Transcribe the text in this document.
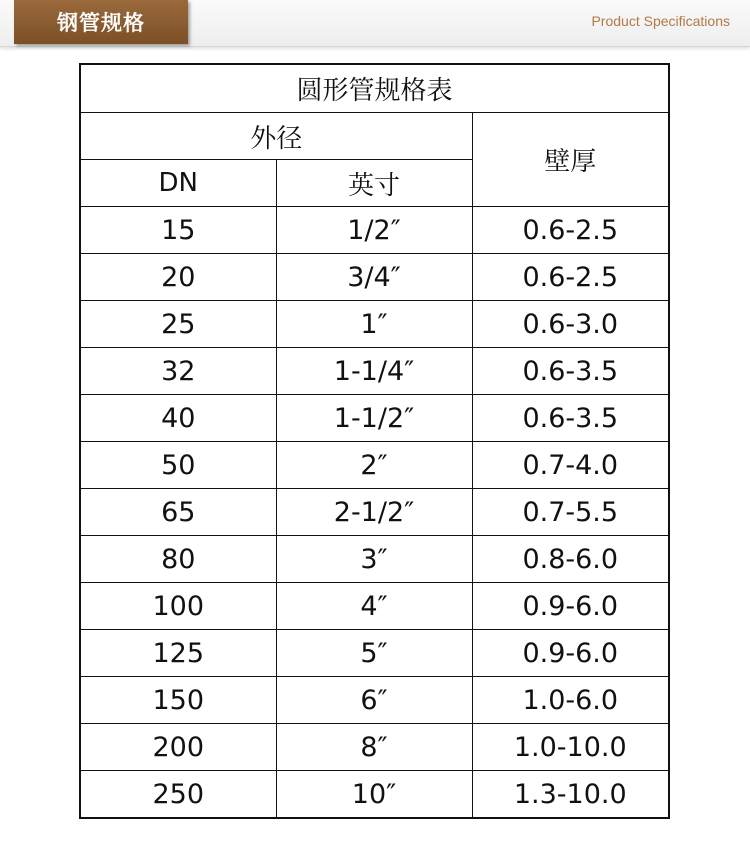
钢管规格	Product Specifications
圆形管规格表		
外径		壁厚
DN	英寸	
15	1/2″	0.6-2.5
20	3/4″	0.6-2.5
25	1″	0.6-3.0
32	1-1/4″	0.6-3.5
40	1-1/2″	0.6-3.5
50	2″	0.7-4.0
65	2-1/2″	0.7-5.5
80	3″	0.8-6.0
100	4″	0.9-6.0
125	5″	0.9-6.0
150	6″	1.0-6.0
200	8″	1.0-10.0
250	10″	1.3-10.0
